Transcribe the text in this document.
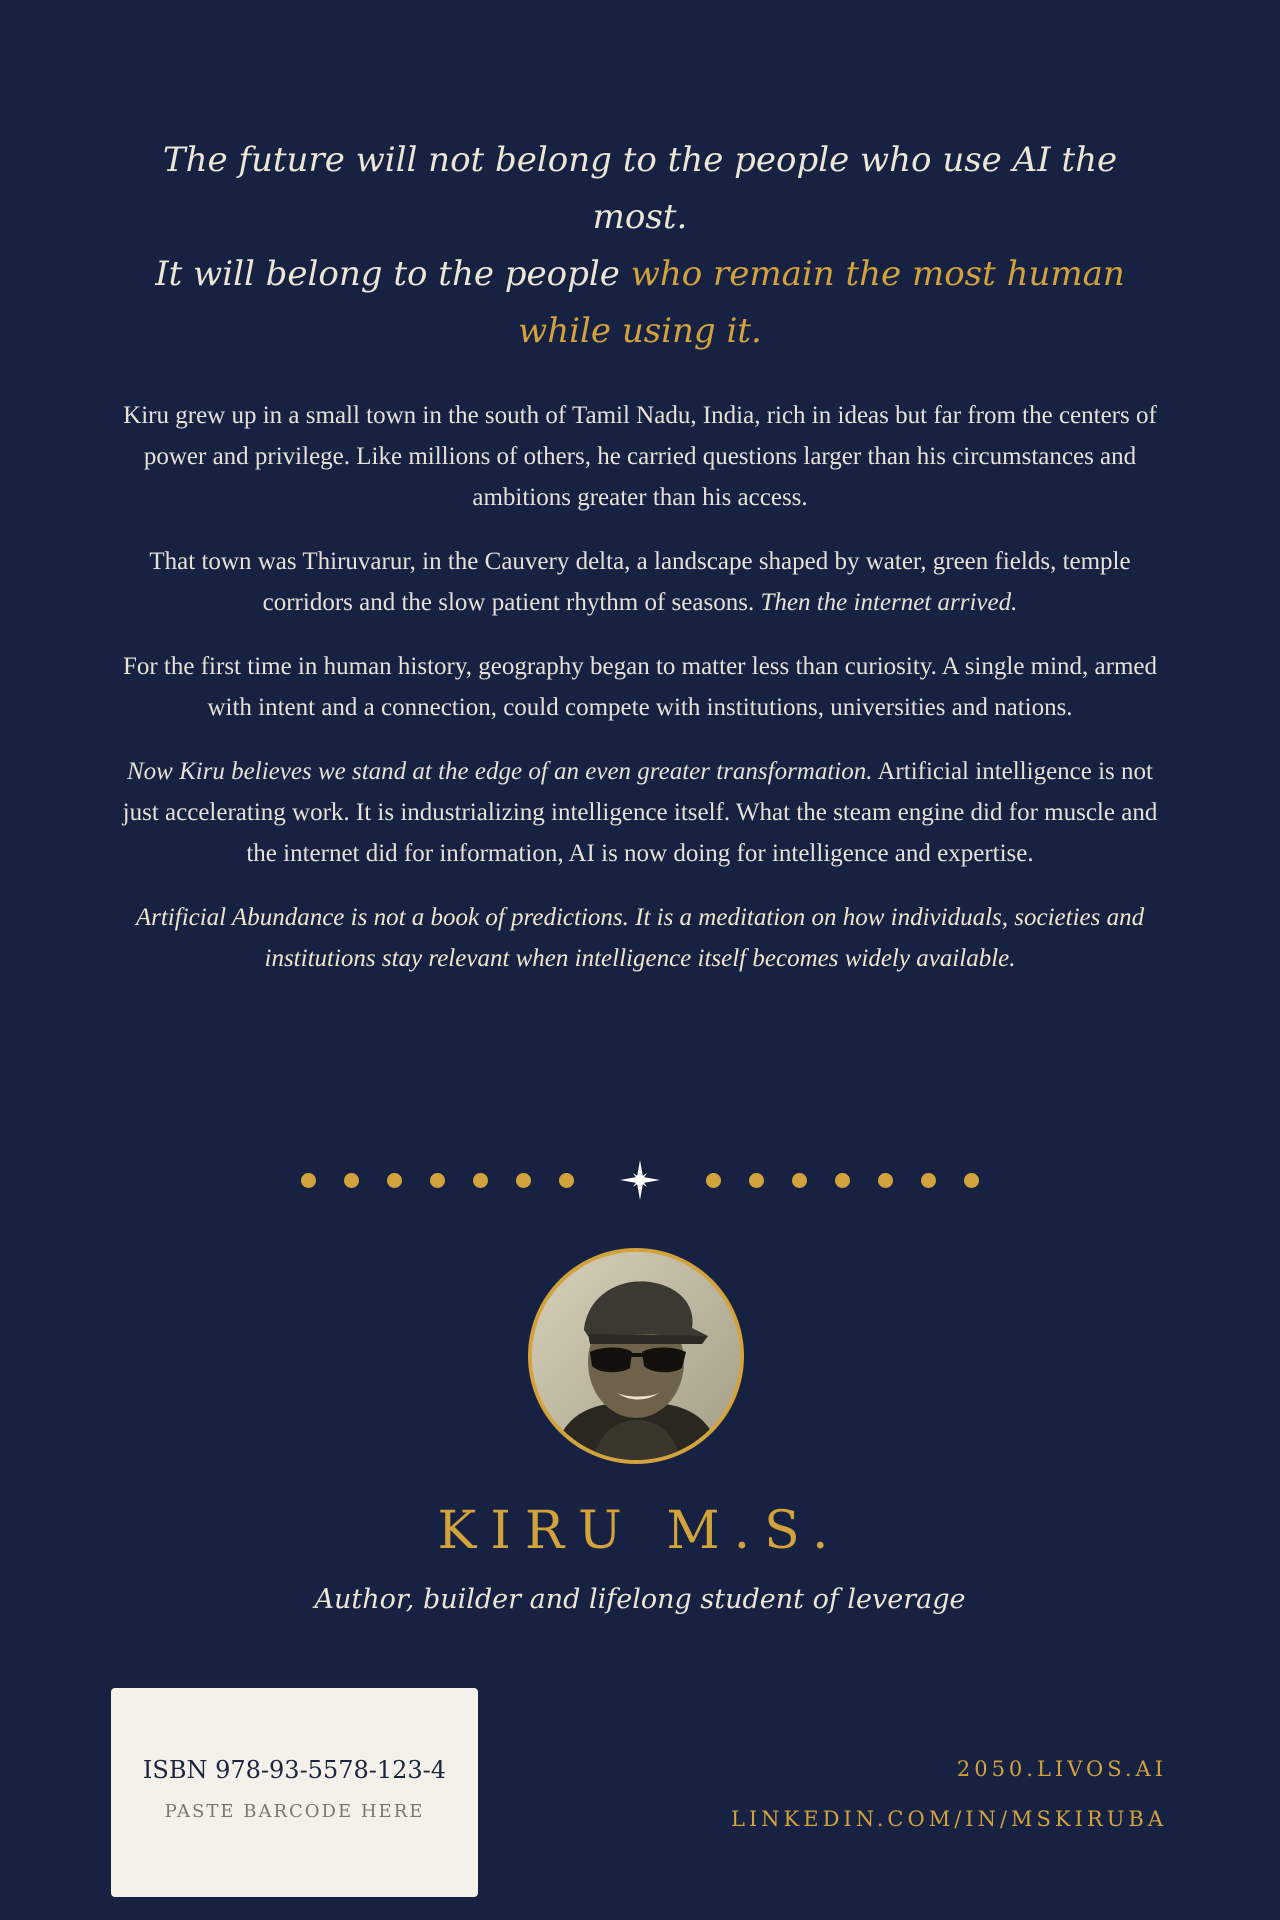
The future will not belong to the people who use AI the most.
It will belong to the people who remain the most human
while using it.

Kiru grew up in a small town in the south of Tamil Nadu, India, rich in ideas but far from the centers of power and privilege. Like millions of others, he carried questions larger than his circumstances and ambitions greater than his access.

That town was Thiruvarur, in the Cauvery delta, a landscape shaped by water, green fields, temple corridors and the slow patient rhythm of seasons. Then the internet arrived.

For the first time in human history, geography began to matter less than curiosity. A single mind, armed with intent and a connection, could compete with institutions, universities and nations.

Now Kiru believes we stand at the edge of an even greater transformation. Artificial intelligence is not just accelerating work. It is industrializing intelligence itself. What the steam engine did for muscle and the internet did for information, AI is now doing for intelligence and expertise.

Artificial Abundance is not a book of predictions. It is a meditation on how individuals, societies and institutions stay relevant when intelligence itself becomes widely available.

KIRU M.S.
Author, builder and lifelong student of leverage
ISBN 978-93-5578-123-4
PASTE BARCODE HERE
2050.LIVOS.AI
LINKEDIN.COM/IN/MSKIRUBA
